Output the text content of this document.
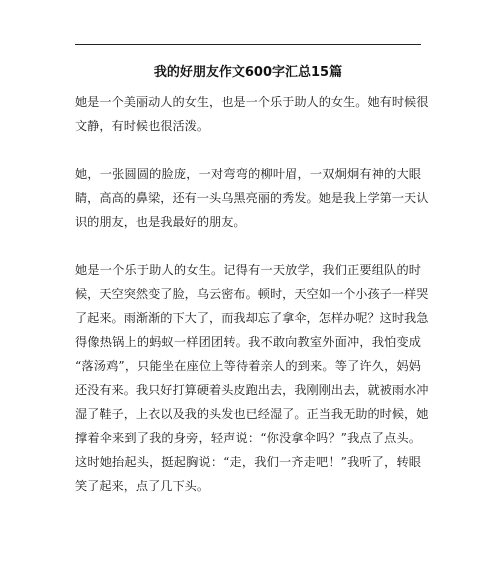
我的好朋友作文600字汇总15篇
她是一个美丽动人的女生，也是一个乐于助人的女生。她有时候很
文静，有时候也很活泼。
她，一张圆圆的脸庞，一对弯弯的柳叶眉，一双炯炯有神的大眼
睛，高高的鼻梁，还有一头乌黑亮丽的秀发。她是我上学第一天认
识的朋友，也是我最好的朋友。
她是一个乐于助人的女生。记得有一天放学，我们正要组队的时
候，天空突然变了脸，乌云密布。顿时，天空如一个小孩子一样哭
了起来。雨渐渐的下大了，而我却忘了拿伞，怎样办呢？这时我急
得像热锅上的蚂蚁一样团团转。我不敢向教室外面冲，我怕变成
“落汤鸡”，只能坐在座位上等待着亲人的到来。等了许久，妈妈
还没有来。我只好打算硬着头皮跑出去，我刚刚出去，就被雨水冲
湿了鞋子，上衣以及我的头发也已经湿了。正当我无助的时候，她
撑着伞来到了我的身旁，轻声说：“你没拿伞吗？”我点了点头。
这时她抬起头，挺起胸说：“走，我们一齐走吧！”我听了，转眼
笑了起来，点了几下头。
